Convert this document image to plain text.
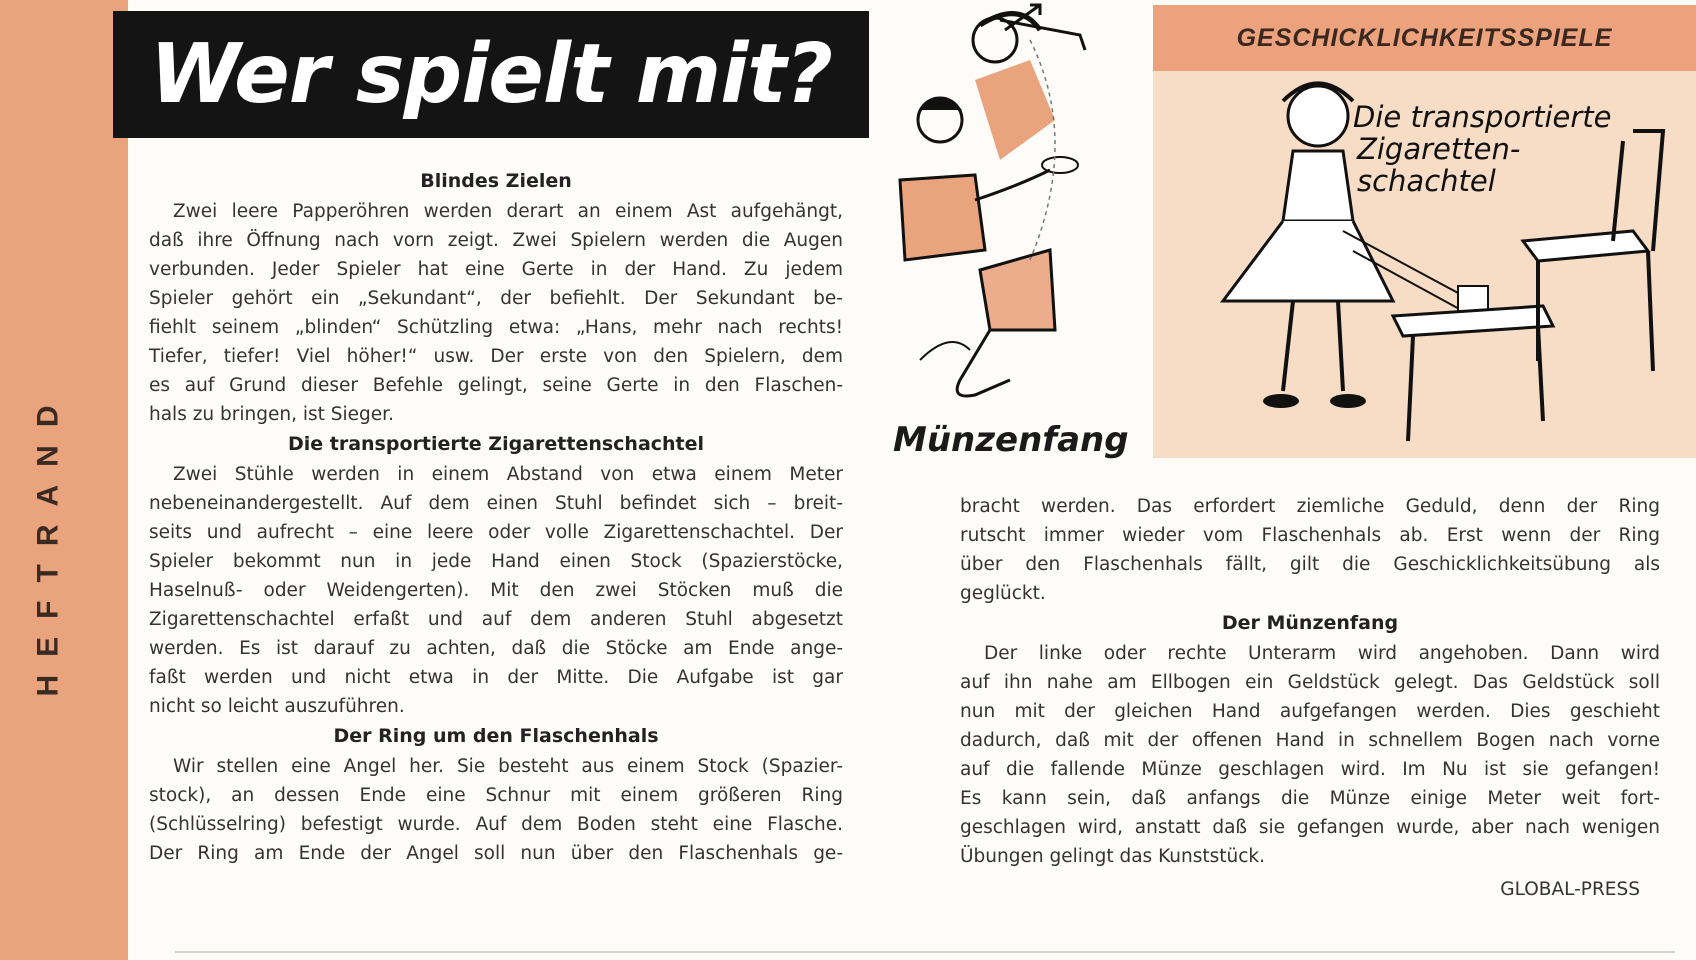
HEFTRAND
Wer spielt mit?
Blindes Zielen
Zwei leere Papperöhren werden derart an einem Ast aufgehängt,
daß ihre Öffnung nach vorn zeigt. Zwei Spielern werden die Augen
verbunden. Jeder Spieler hat eine Gerte in der Hand. Zu jedem
Spieler gehört ein „Sekundant“, der befiehlt. Der Sekundant be-
fiehlt seinem „blinden“ Schützling etwa: „Hans, mehr nach rechts!
Tiefer, tiefer! Viel höher!“ usw. Der erste von den Spielern, dem
es auf Grund dieser Befehle gelingt, seine Gerte in den Flaschen-
hals zu bringen, ist Sieger.
Die transportierte Zigarettenschachtel
Zwei Stühle werden in einem Abstand von etwa einem Meter
nebeneinandergestellt. Auf dem einen Stuhl befindet sich – breit-
seits und aufrecht – eine leere oder volle Zigarettenschachtel. Der
Spieler bekommt nun in jede Hand einen Stock (Spazierstöcke,
Haselnuß- oder Weidengerten). Mit den zwei Stöcken muß die
Zigarettenschachtel erfaßt und auf dem anderen Stuhl abgesetzt
werden. Es ist darauf zu achten, daß die Stöcke am Ende ange-
faßt werden und nicht etwa in der Mitte. Die Aufgabe ist gar
nicht so leicht auszuführen.
Der Ring um den Flaschenhals
Wir stellen eine Angel her. Sie besteht aus einem Stock (Spazier-
stock), an dessen Ende eine Schnur mit einem größeren Ring
(Schlüsselring) befestigt wurde. Auf dem Boden steht eine Flasche.
Der Ring am Ende der Angel soll nun über den Flaschenhals ge-
Münzenfang
GESCHICKLICHKEITSSPIELE
Die transportierte
Zigaretten-
schachtel
bracht werden. Das erfordert ziemliche Geduld, denn der Ring
rutscht immer wieder vom Flaschenhals ab. Erst wenn der Ring
über den Flaschenhals fällt, gilt die Geschicklichkeitsübung als
geglückt.
Der Münzenfang
Der linke oder rechte Unterarm wird angehoben. Dann wird
auf ihn nahe am Ellbogen ein Geldstück gelegt. Das Geldstück soll
nun mit der gleichen Hand aufgefangen werden. Dies geschieht
dadurch, daß mit der offenen Hand in schnellem Bogen nach vorne
auf die fallende Münze geschlagen wird. Im Nu ist sie gefangen!
Es kann sein, daß anfangs die Münze einige Meter weit fort-
geschlagen wird, anstatt daß sie gefangen wurde, aber nach wenigen
Übungen gelingt das Kunststück.
GLOBAL-PRESS
